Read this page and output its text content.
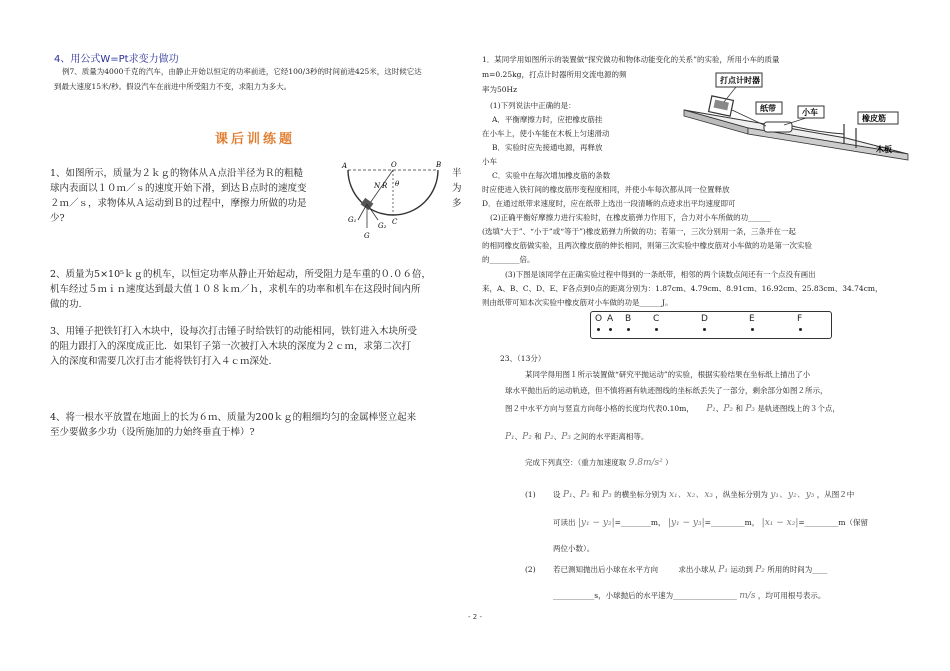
4、用公式W=Pt求变力做功
例7、质量为4000千克的汽车，由静止开始以恒定的功率前进，它经100/3秒的时间前进425米，这时候它达
到最大速度15米/秒。假设汽车在前进中所受阻力不变，求阻力为多大。
课后训练题
1、如图所示，质量为２ｋｇ的物体从Ａ点沿半径为Ｒ的粗糙
球内表面以１０ｍ／ｓ的速度开始下滑，到达Ｂ点时的速度变
２ｍ／ｓ，求物体从Ａ运动到Ｂ的过程中，摩擦力所做的功是
少?
半
为
多
A	O	B
C
N R θ
G
G₁
G₂
2、质量为5×10⁵ｋｇ的机车，以恒定功率从静止开始起动，所受阻力是车重的０.０６倍，
机车经过５ｍｉｎ速度达到最大值１０８ｋｍ／ｈ，求机车的功率和机车在这段时间内所
做的功.
3、用锤子把铁钉打入木块中，设每次打击锤子时给铁钉的动能相同，铁钉进入木块所受
的阻力跟打入的深度成正比．如果钉子第一次被打入木块的深度为２ｃｍ，求第二次打
入的深度和需要几次打击才能将铁钉打入４ｃｍ深处.
4、将一根水平放置在地面上的长为６ｍ、质量为200ｋｇ的粗细均匀的金属棒竖立起来
至少要做多少功（设所施加的力始终垂直于棒）?
1．某同学用如图所示的装置做“探究做功和物体动能变化的关系”的实验，所用小车的质量
m=0.25kg，打点计时器所用交流电源的频
率为50Hz
(1)下列说法中正确的是：
A．平衡摩擦力时，应把橡皮筋挂
在小车上，使小车能在木板上匀速滑动
B．实验时应先接通电源，再释放
小车
C．实验中在每次增加橡皮筋的条数
时应使进入铁钉间的橡皮筋形变程度相同，并使小车每次都从同一位置释放
D．在通过纸带求速度时，应在纸带上选出一段清晰的点迹求出平均速度即可
(2)正确平衡好摩擦力进行实验时，在橡皮筋弹力作用下，合力对小车所做的功______
(选填“大于”、“小于”或“等于”)橡皮筋弹力所做的功；若第一，三次分别用一条，三条并在一起
的相同橡皮筋做实验，且两次橡皮筋的伸长相同，则第三次实验中橡皮筋对小车做的功是第一次实验
的________倍。
(3)下图是该同学在正确实验过程中得到的一条纸带，相邻的两个读数点间还有一个点没有画出
来，A、B、C、D、E、F各点到0点的距离分别为：1.87cm、4.79cm、8.91cm、16.92cm、25.83cm、34.74cm，
则由纸带可知本次实验中橡皮筋对小车做的功是______J。
打点计时器
纸带	小车
橡皮筋
木板
O A B C	D	E	F
23、（13分）
某同学得用图１所示装置做“研究平抛运动”的实验，根据实验结果在坐标纸上描出了小
球水平抛出后的运动轨迹，但不慎将画有轨迹图线的坐标纸丢失了一部分，剩余部分如图２所示，
图２中水平方向与竖直方向每小格的长度均代表0.10m， P₁、P₂ 和 P₃ 是轨迹图线上的３个点，
P₁、P₂ 和 P₂、P₃ 之间的水平距离相等。
完成下列真空：（重力加速度取 9.8m/s² ）
(1) 设 P₁、P₂ 和 P₃ 的横坐标分别为 x₁、x₂、x₃ ，纵坐标分别为 y₁、y₂、y₃ ，从图２中
可读出 |y₁ − y₂|=________m， |y₁ − y₃|=_________m， |x₁ − x₂|=_________m（保留
两位小数）。
(2) 若已测知抛出后小球在水平方向	求出小球从 P₁ 运动到 P₂ 所用的时间为____
___________s，小球抛后的水平速为_________________ m/s ，均可用根号表示。
- 2 -
